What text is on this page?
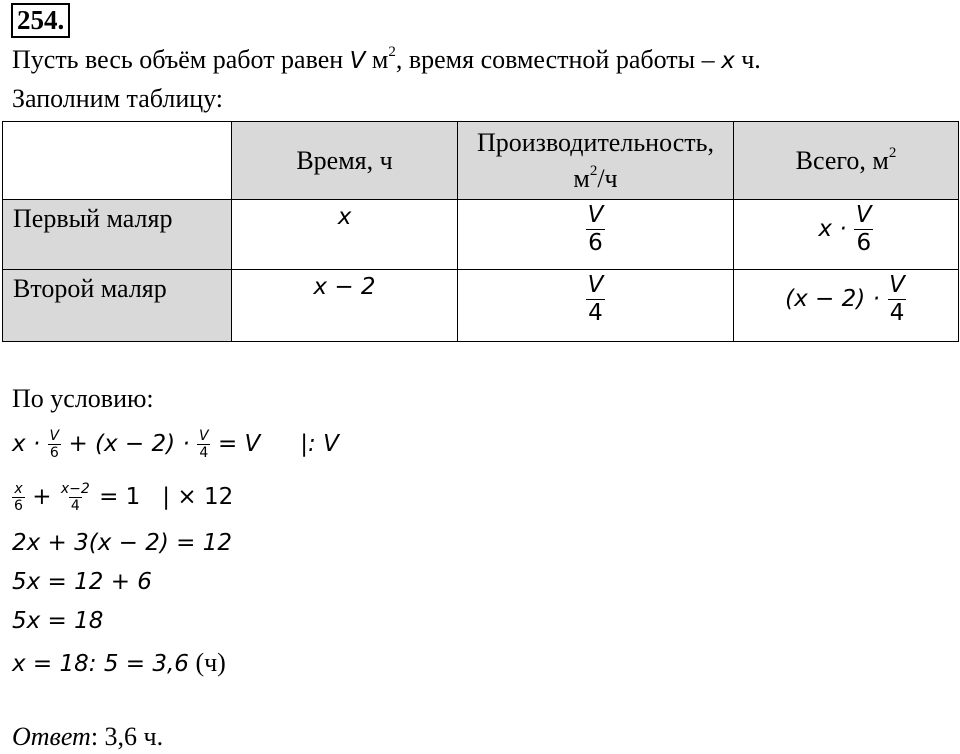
254.
Пусть весь объём работ равен V $м^2$, время совместной работы – x ч.
Заполним таблицу:
	Время, ч	Производительность,
$м^2/ч$	Всего, $м^2$
Первый маляр	x	$\frac{V}{6}$	$x \cdot \frac{V}{6}$

Второй маляр	x − 2	$\frac{V}{4}$	$(x - 2) \cdot \frac{V}{4}$
По условию:
x ·
$\frac{V}{6}$
+ (x − 2) ·
$\frac{V}{4}$
= V |: V
$\frac{x}{6}$
+
$\frac{x-2}{4}$
= 1 | × 12
2x + 3(x − 2) = 12
5x = 12 + 6
5x = 18
x = 18: 5 = 3,6 (ч)
Ответ: 3,6 ч.
